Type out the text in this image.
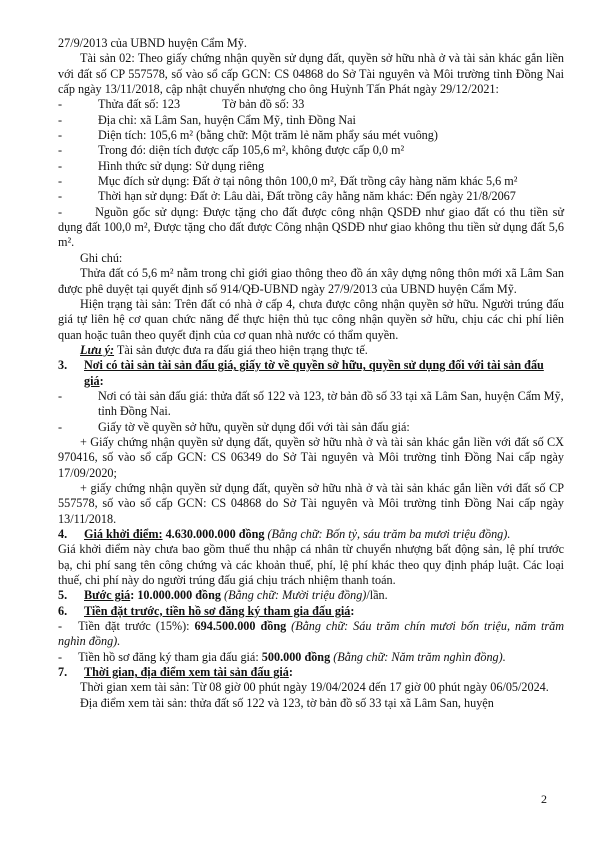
27/9/2013 của UBND huyện Cẩm Mỹ.

Tài sản 02: Theo giấy chứng nhận quyền sử dụng đất, quyền sở hữu nhà ở và tài sản khác gắn liền với đất số CP 557578, số vào sổ cấp GCN: CS 04868 do Sở Tài nguyên và Môi trường tỉnh Đồng Nai cấp ngày 13/11/2018, cập nhật chuyển nhượng cho ông Huỳnh Tấn Phát ngày 29/12/2021:

-	Thửa đất số: 123	Tờ bản đồ số: 33
-	Địa chỉ: xã Lâm San, huyện Cẩm Mỹ, tỉnh Đồng Nai
-	Diện tích: 105,6 m² (bằng chữ: Một trăm lẻ năm phẩy sáu mét vuông)
-	Trong đó: diện tích được cấp 105,6 m², không được cấp 0,0 m²
-	Hình thức sử dụng: Sử dụng riêng
-	Mục đích sử dụng: Đất ở tại nông thôn 100,0 m², Đất trồng cây hàng năm khác 5,6 m²
-	Thời hạn sử dụng: Đất ở: Lâu dài, Đất trồng cây hằng năm khác: Đến ngày 21/8/2067

-	Nguồn gốc sử dụng: Được tặng cho đất được công nhận QSDĐ như giao đất có thu tiền sử dụng đất 100,0 m², Được tặng cho đất được Công nhận QSDĐ như giao không thu tiền sử dụng đất 5,6 m².

Ghi chú:

Thửa đất có 5,6 m² nằm trong chỉ giới giao thông theo đồ án xây dựng nông thôn mới xã Lâm San được phê duyệt tại quyết định số 914/QĐ-UBND ngày 27/9/2013 của UBND huyện Cẩm Mỹ.

Hiện trạng tài sản: Trên đất có nhà ở cấp 4, chưa được công nhận quyền sở hữu. Người trúng đấu giá tự liên hệ cơ quan chức năng để thực hiện thủ tục công nhận quyền sở hữu, chịu các chi phí liên quan hoặc tuân theo quyết định của cơ quan nhà nước có thẩm quyền.

Lưu ý: Tài sản được đưa ra đấu giá theo hiện trạng thực tế.

3.	Nơi có tài sản tài sản đấu giá, giấy tờ về quyền sở hữu, quyền sử dụng đối với tài sản đấu giá:
-	Nơi có tài sản đấu giá: thửa đất số 122 và 123, tờ bản đồ số 33 tại xã Lâm San, huyện Cẩm Mỹ, tỉnh Đồng Nai.
-	Giấy tờ về quyền sở hữu, quyền sử dụng đối với tài sản đấu giá:

+ Giấy chứng nhận quyền sử dụng đất, quyền sở hữu nhà ở và tài sản khác gắn liền với đất số CX 970416, số vào sổ cấp GCN: CS 06349 do Sở Tài nguyên và Môi trường tỉnh Đồng Nai cấp ngày 17/09/2020;

+ giấy chứng nhận quyền sử dụng đất, quyền sở hữu nhà ở và tài sản khác gắn liền với đất số CP 557578, số vào sổ cấp GCN: CS 04868 do Sở Tài nguyên và Môi trường tỉnh Đồng Nai cấp ngày 13/11/2018.

4.	Giá khởi điểm: 4.630.000.000 đồng (Bằng chữ: Bốn tỷ, sáu trăm ba mươi triệu đồng).

Giá khởi điểm này chưa bao gồm thuế thu nhập cá nhân từ chuyển nhượng bất động sản, lệ phí trước bạ, chi phí sang tên công chứng và các khoản thuế, phí, lệ phí khác theo quy định pháp luật. Các loại thuế, chi phí này do người trúng đấu giá chịu trách nhiệm thanh toán.

5.	Bước giá: 10.000.000 đồng (Bằng chữ: Mười triệu đồng)/lần.
6.	Tiền đặt trước, tiền hồ sơ đăng ký tham gia đấu giá:

- Tiền đặt trước (15%): 694.500.000 đồng (Bằng chữ: Sáu trăm chín mươi bốn triệu, năm trăm nghìn đồng).

- Tiền hồ sơ đăng ký tham gia đấu giá: 500.000 đồng (Bằng chữ: Năm trăm nghìn đồng).

7.	Thời gian, địa điểm xem tài sản đấu giá:

Thời gian xem tài sản: Từ 08 giờ 00 phút ngày 19/04/2024 đến 17 giờ 00 phút ngày 06/05/2024.

Địa điểm xem tài sản: thửa đất số 122 và 123, tờ bản đồ số 33 tại xã Lâm San, huyện

2
